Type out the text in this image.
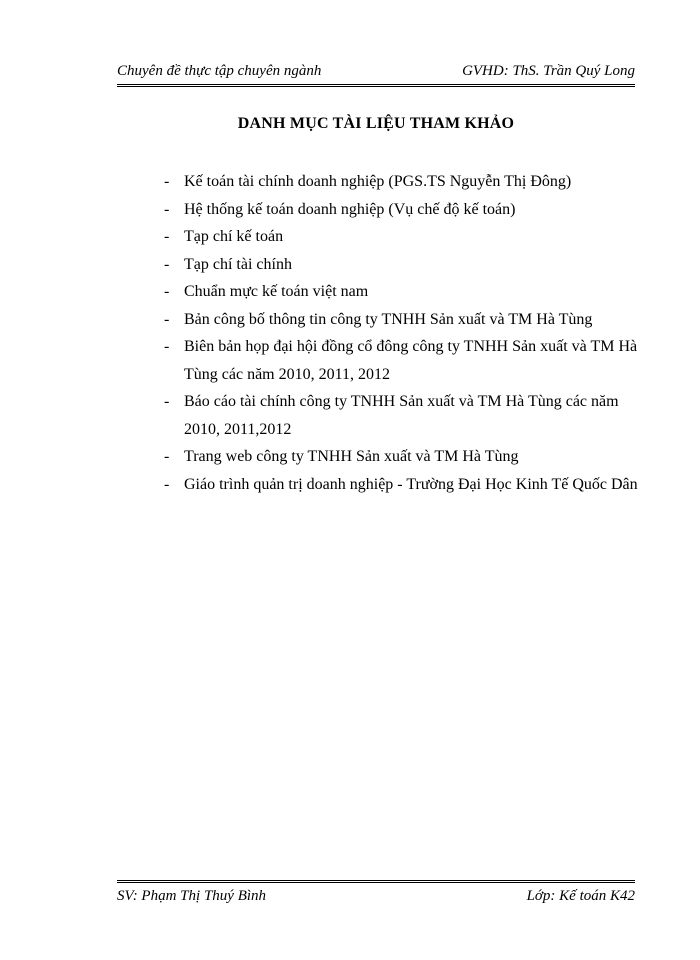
Chuyên đề thực tập chuyên ngành	GVHD: ThS. Trần Quý Long
DANH MỤC TÀI LIỆU THAM KHẢO
- Kế toán tài chính doanh nghiệp (PGS.TS Nguyễn Thị Đông)
- Hệ thống kế toán doanh nghiệp (Vụ chế độ kế toán)
- Tạp chí kế toán
- Tạp chí tài chính
- Chuẩn mực kế toán việt nam
- Bản công bố thông tin công ty TNHH Sản xuất và TM Hà Tùng
- Biên bản họp đại hội đồng cổ đông công ty TNHH Sản xuất và TM Hà Tùng các năm 2010, 2011, 2012
- Báo cáo tài chính công ty TNHH Sản xuất và TM Hà Tùng các năm 2010, 2011,2012
- Trang web công ty TNHH Sản xuất và TM Hà Tùng
- Giáo trình quản trị doanh nghiệp - Trường Đại Học Kinh Tế Quốc Dân
SV: Phạm Thị Thuý Bình	Lớp: Kế toán K42
